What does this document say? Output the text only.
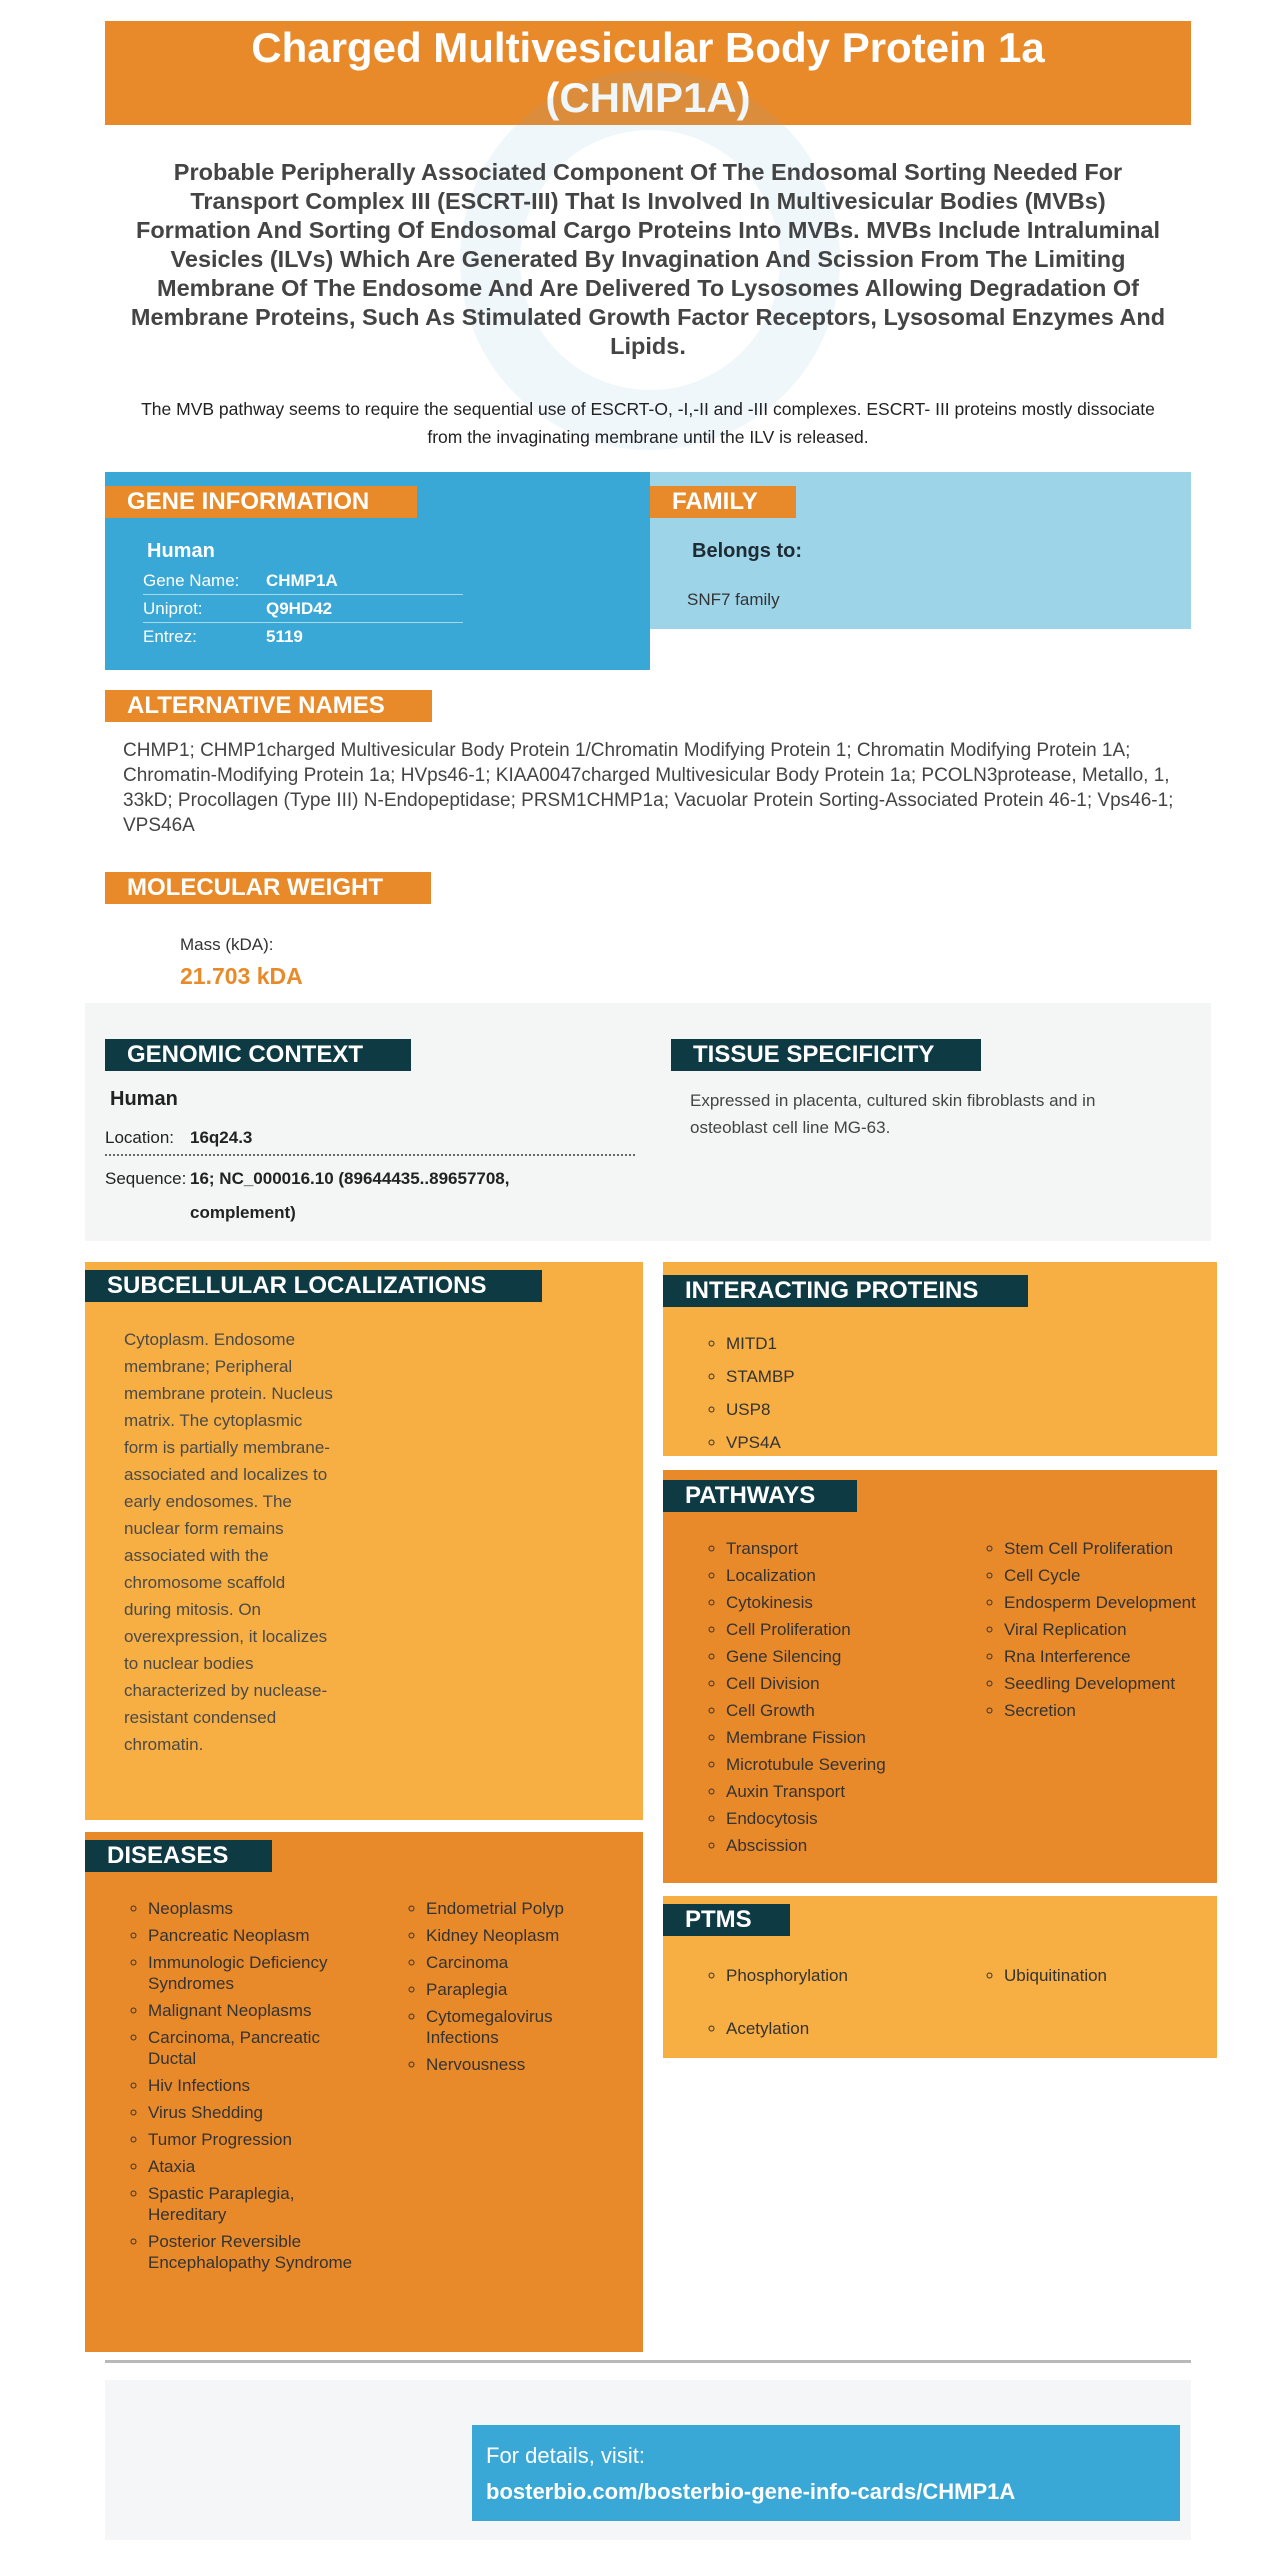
Charged Multivesicular Body Protein 1a (CHMP1A)
Probable Peripherally Associated Component Of The Endosomal Sorting Needed For Transport Complex III (ESCRT-III) That Is Involved In Multivesicular Bodies (MVBs) Formation And Sorting Of Endosomal Cargo Proteins Into MVBs. MVBs Include Intraluminal Vesicles (ILVs) Which Are Generated By Invagination And Scission From The Limiting Membrane Of The Endosome And Are Delivered To Lysosomes Allowing Degradation Of Membrane Proteins, Such As Stimulated Growth Factor Receptors, Lysosomal Enzymes And Lipids.
The MVB pathway seems to require the sequential use of ESCRT-O, -I,-II and -III complexes. ESCRT- III proteins mostly dissociate from the invaginating membrane until the ILV is released.
GENE INFORMATION
Human
Gene Name:	CHMP1A
Uniprot:	Q9HD42
Entrez:	5119
FAMILY
Belongs to:
SNF7 family
ALTERNATIVE NAMES
CHMP1; CHMP1charged Multivesicular Body Protein 1/Chromatin Modifying Protein 1; Chromatin Modifying Protein 1A; Chromatin-Modifying Protein 1a; HVps46-1; KIAA0047charged Multivesicular Body Protein 1a; PCOLN3protease, Metallo, 1, 33kD; Procollagen (Type III) N-Endopeptidase; PRSM1CHMP1a; Vacuolar Protein Sorting-Associated Protein 46-1; Vps46-1; VPS46A
MOLECULAR WEIGHT
Mass (kDA):
21.703 kDA
GENOMIC CONTEXT
Human
Location: 16q24.3
Sequence: 16; NC_000016.10 (89644435..89657708, complement)
TISSUE SPECIFICITY
Expressed in placenta, cultured skin fibroblasts and in osteoblast cell line MG-63.
SUBCELLULAR LOCALIZATIONS
Cytoplasm. Endosome membrane; Peripheral membrane protein. Nucleus matrix. The cytoplasmic form is partially membrane-associated and localizes to early endosomes. The nuclear form remains associated with the chromosome scaffold during mitosis. On overexpression, it localizes to nuclear bodies characterized by nuclease-resistant condensed chromatin.
INTERACTING PROTEINS
◦ MITD1
◦ STAMBP
◦ USP8
◦ VPS4A
PATHWAYS
◦ Transport
◦ Localization
◦ Cytokinesis
◦ Cell Proliferation
◦ Gene Silencing
◦ Cell Division
◦ Cell Growth
◦ Membrane Fission
◦ Microtubule Severing
◦ Auxin Transport
◦ Endocytosis
◦ Abscission
◦ Stem Cell Proliferation
◦ Cell Cycle
◦ Endosperm Development
◦ Viral Replication
◦ Rna Interference
◦ Seedling Development
◦ Secretion
DISEASES
◦ Neoplasms
◦ Pancreatic Neoplasm
◦ Immunologic Deficiency Syndromes
◦ Malignant Neoplasms
◦ Carcinoma, Pancreatic Ductal
◦ Hiv Infections
◦ Virus Shedding
◦ Tumor Progression
◦ Ataxia
◦ Spastic Paraplegia, Hereditary
◦ Posterior Reversible Encephalopathy Syndrome
◦ Endometrial Polyp
◦ Kidney Neoplasm
◦ Carcinoma
◦ Paraplegia
◦ Cytomegalovirus Infections
◦ Nervousness
PTMS
◦ Phosphorylation
◦ Acetylation
◦ Ubiquitination
For details, visit:
bosterbio.com/bosterbio-gene-info-cards/CHMP1A
